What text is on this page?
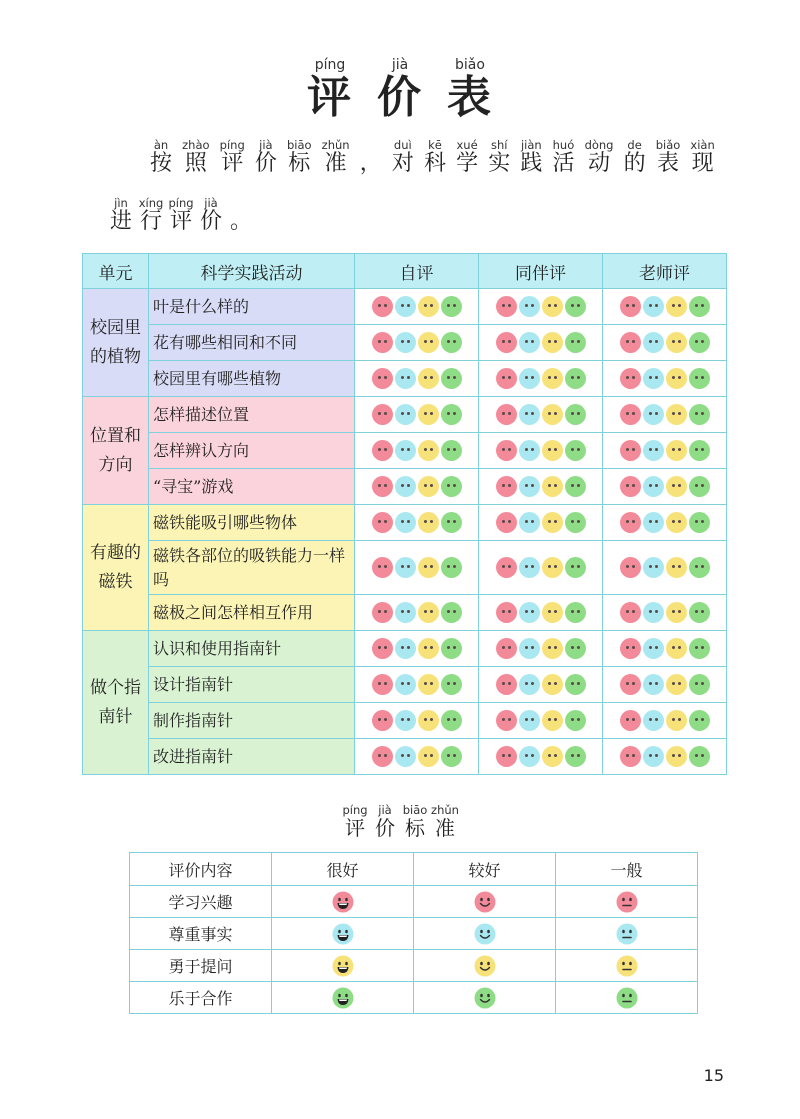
píng
评
jià
价
biǎo
表
àn
按
zhào
照
píng
评
jià
价
biāo
标
zhǔn
准 ，
duì
对
kē
科
xué
学
shí
实
jiàn
践
huó
活
dòng
动
de
的
biǎo
表
xiàn
现
jìn
进
xíng
行
píng
评
jià
价 。
单元	科学实践活动	自评	同伴评	老师评
校园里的植物	叶是什么样的			
	花有哪些相同和不同			
	校园里有哪些植物			
位置和方向	怎样描述位置			
	怎样辨认方向			
	“寻宝”游戏			
有趣的磁铁	磁铁能吸引哪些物体			
	磁铁各部位的吸铁能力一样吗			
	磁极之间怎样相互作用			
做个指南针	认识和使用指南针			
	设计指南针			
	制作指南针			
	改进指南针			
píng
评
jià
价
biāo
标
zhǔn
准
评价内容	很好	较好	一般
学习兴趣			
尊重事实			
勇于提问			
乐于合作			
15
